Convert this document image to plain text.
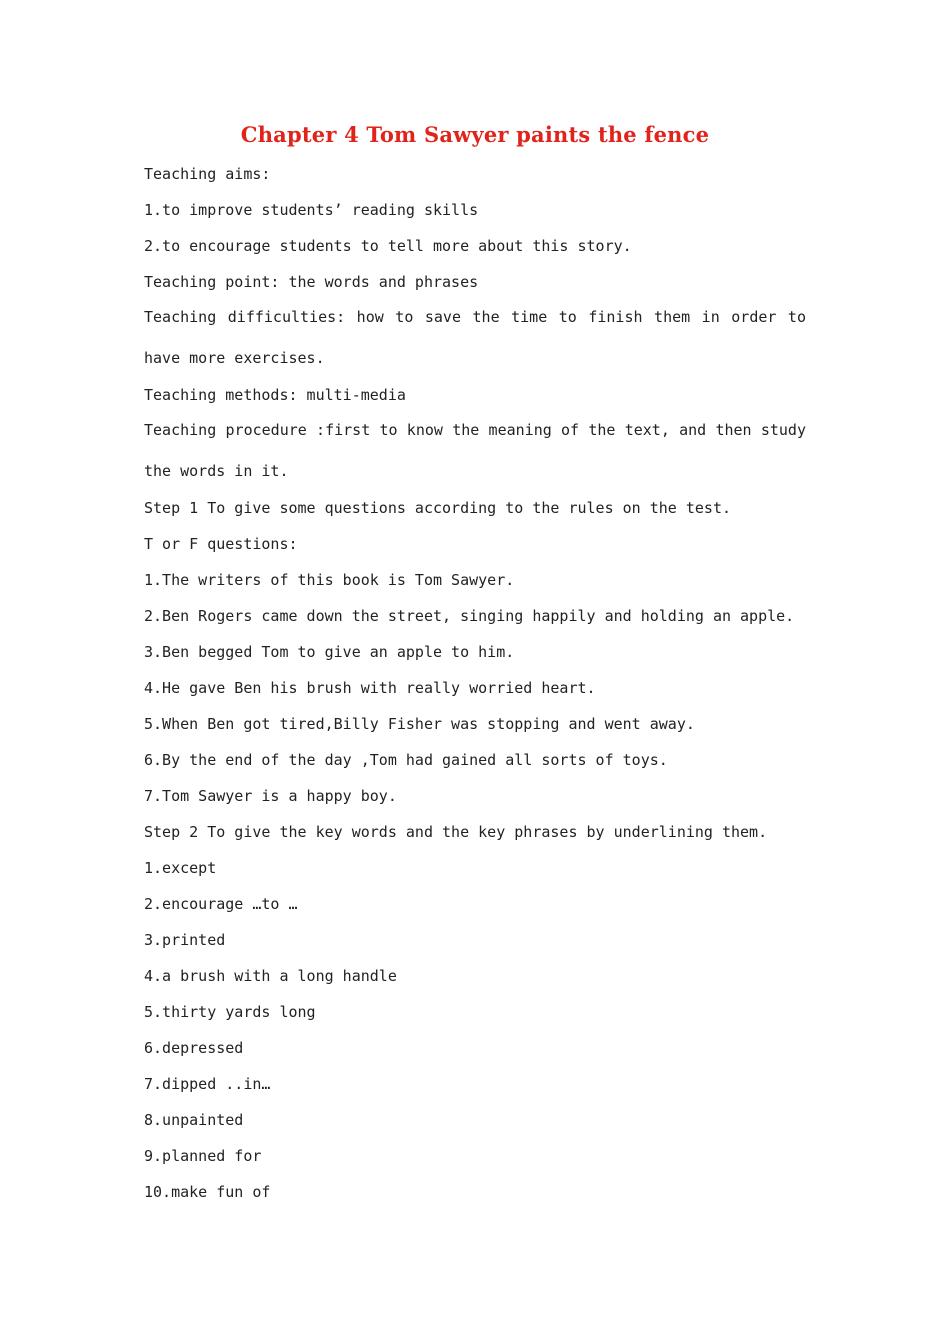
Chapter 4 Tom Sawyer paints the fence
Teaching aims:
1.to improve students’ reading skills
2.to encourage students to tell more about this story.
Teaching point: the words and phrases
Teaching difficulties: how to save the time to finish them in order to have more exercises.
Teaching methods: multi-media
Teaching procedure :first to know the meaning of the text, and then study the words in it.
Step 1 To give some questions according to the rules on the test.
T or F questions:
1.The writers of this book is Tom Sawyer.
2.Ben Rogers came down the street, singing happily and holding an apple.
3.Ben begged Tom to give an apple to him.
4.He gave Ben his brush with really worried heart.
5.When Ben got tired,Billy Fisher was stopping and went away.
6.By the end of the day ,Tom had gained all sorts of toys.
7.Tom Sawyer is a happy boy.
Step 2 To give the key words and the key phrases by underlining them.
1.except
2.encourage …to …
3.printed
4.a brush with a long handle
5.thirty yards long
6.depressed
7.dipped ..in…
8.unpainted
9.planned for
10.make fun of
